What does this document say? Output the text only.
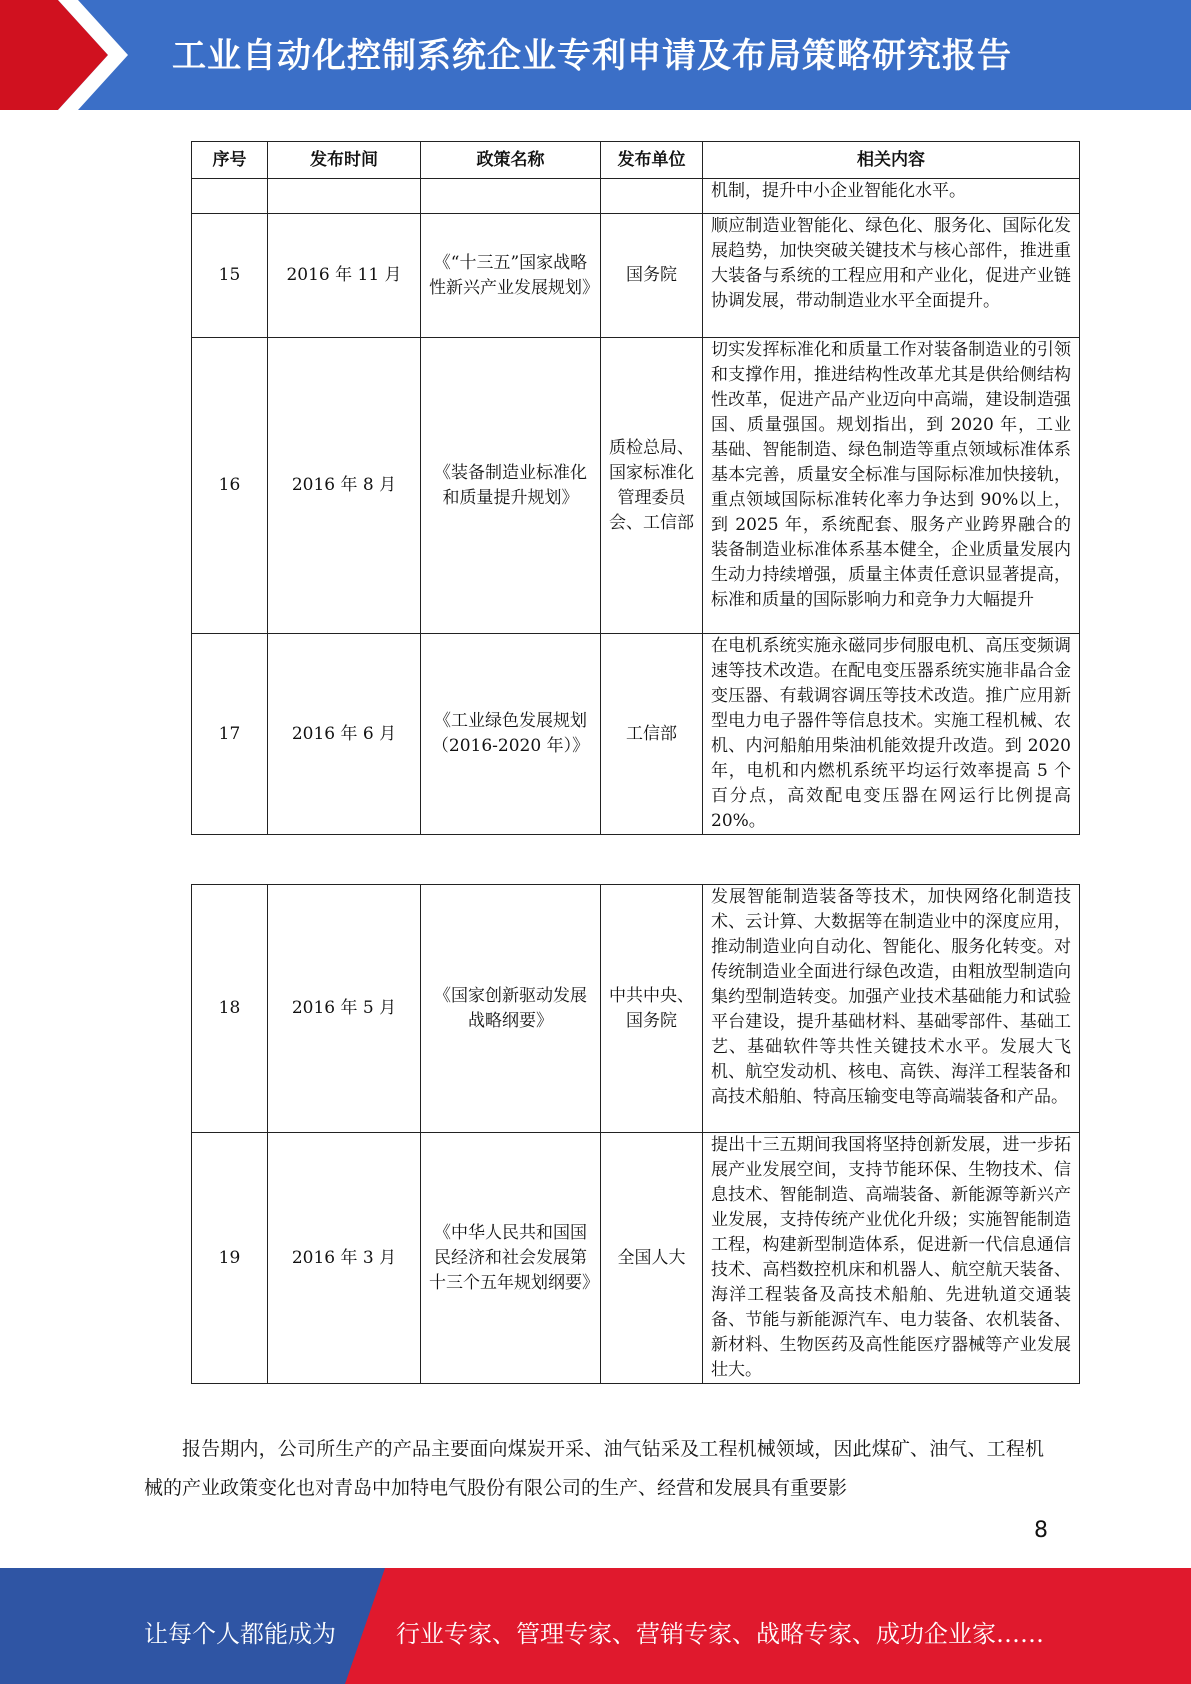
工业自动化控制系统企业专利申请及布局策略研究报告
序号	发布时间	政策名称	发布单位	相关内容
				机制，提升中小企业智能化水平。
15	2016 年 11 月	《“十三五”国家战略性新兴产业发展规划》	国务院	顺应制造业智能化、绿色化、服务化、国际化发展趋势，加快突破关键技术与核心部件，推进重大装备与系统的工程应用和产业化，促进产业链协调发展，带动制造业水平全面提升。
16	2016 年 8 月	《装备制造业标准化和质量提升规划》	质检总局、国家标准化管理委员会、工信部	切实发挥标准化和质量工作对装备制造业的引领和支撑作用，推进结构性改革尤其是供给侧结构性改革，促进产品产业迈向中高端，建设制造强国、质量强国。规划指出，到 2020 年，工业基础、智能制造、绿色制造等重点领域标准体系基本完善，质量安全标准与国际标准加快接轨，重点领域国际标准转化率力争达到 90%以上，到 2025 年，系统配套、服务产业跨界融合的装备制造业标准体系基本健全，企业质量发展内生动力持续增强，质量主体责任意识显著提高，标准和质量的国际影响力和竞争力大幅提升
17	2016 年 6 月	《工业绿色发展规划（2016-2020 年）》	工信部	在电机系统实施永磁同步伺服电机、高压变频调速等技术改造。在配电变压器系统实施非晶合金变压器、有载调容调压等技术改造。推广应用新型电力电子器件等信息技术。实施工程机械、农机、内河船舶用柴油机能效提升改造。到 2020 年，电机和内燃机系统平均运行效率提高 5 个百分点，高效配电变压器在网运行比例提高 20%。
18	2016 年 5 月	《国家创新驱动发展战略纲要》	中共中央、国务院	发展智能制造装备等技术，加快网络化制造技术、云计算、大数据等在制造业中的深度应用，推动制造业向自动化、智能化、服务化转变。对传统制造业全面进行绿色改造，由粗放型制造向集约型制造转变。加强产业技术基础能力和试验平台建设，提升基础材料、基础零部件、基础工艺、基础软件等共性关键技术水平。发展大飞机、航空发动机、核电、高铁、海洋工程装备和高技术船舶、特高压输变电等高端装备和产品。
19	2016 年 3 月	《中华人民共和国国民经济和社会发展第十三个五年规划纲要》	全国人大	提出十三五期间我国将坚持创新发展，进一步拓展产业发展空间，支持节能环保、生物技术、信息技术、智能制造、高端装备、新能源等新兴产业发展，支持传统产业优化升级；实施智能制造工程，构建新型制造体系，促进新一代信息通信技术、高档数控机床和机器人、航空航天装备、海洋工程装备及高技术船舶、先进轨道交通装备、节能与新能源汽车、电力装备、农机装备、新材料、生物医药及高性能医疗器械等产业发展壮大。

报告期内，公司所生产的产品主要面向煤炭开采、油气钻采及工程机械领域，因此煤矿、油气、工程机械的产业政策变化也对青岛中加特电气股份有限公司的生产、经营和发展具有重要影

8
让每个人都能成为	行业专家、管理专家、营销专家、战略专家、成功企业家……
